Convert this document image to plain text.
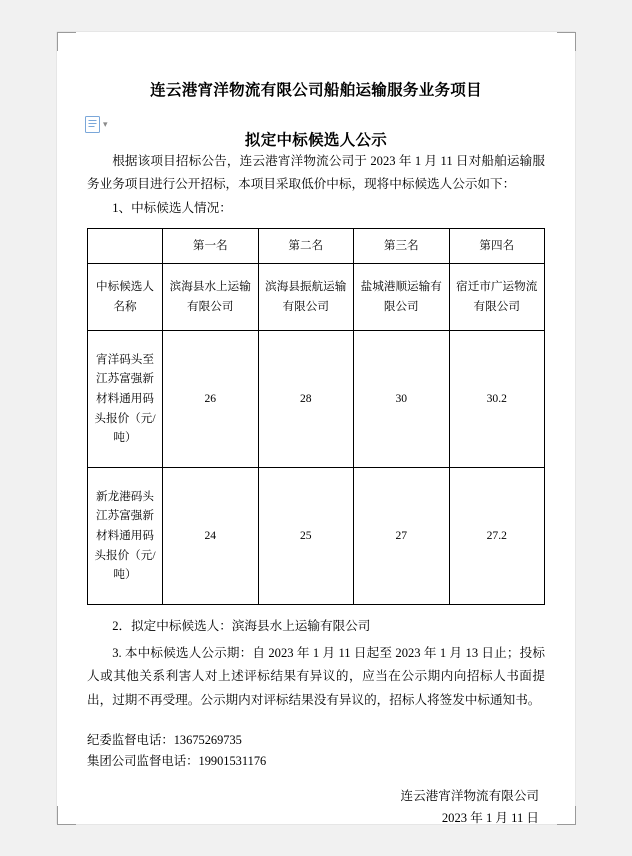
▾
连云港宵洋物流有限公司船舶运输服务业务项目
拟定中标候选人公示

根据该项目招标公告，连云港宵洋物流公司于 2023 年 1 月 11 日对船舶运输服务业务项目进行公开招标，本项目采取低价中标，现将中标候选人公示如下：

1、中标候选人情况：

	第一名	第二名	第三名	第四名
中标候选人名称	滨海县水上运输有限公司	滨海县振航运输有限公司	盐城港顺运输有限公司	宿迁市广运物流有限公司
宵洋码头至江苏富强新材料通用码头报价（元/吨）	26	28	30	30.2
新龙港码头江苏富强新材料通用码头报价（元/吨）	24	25	27	27.2

2．拟定中标候选人：滨海县水上运输有限公司

3. 本中标候选人公示期：自 2023 年 1 月 11 日起至 2023 年 1 月 13 日止；投标人或其他关系利害人对上述评标结果有异议的，应当在公示期内向招标人书面提出，过期不再受理。公示期内对评标结果没有异议的，招标人将签发中标通知书。

纪委监督电话：13675269735
集团公司监督电话：19901531176
连云港宵洋物流有限公司
2023 年 1 月 11 日
